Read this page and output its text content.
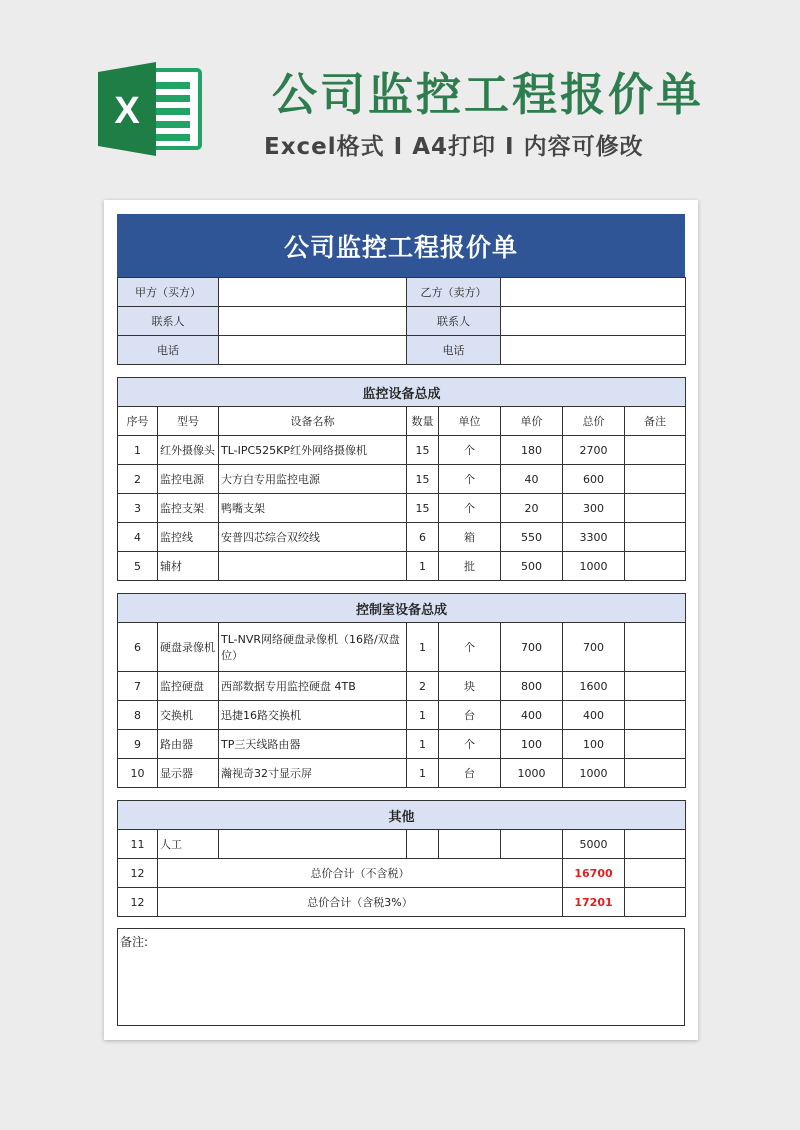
X	公司监控工程报价单
Excel格式 I A4打印 I 内容可修改
公司监控工程报价单
甲方（买方）		乙方（卖方）	
联系人		联系人	
电话		电话	
监控设备总成							
序号	型号	设备名称	数量	单位	单价	总价	备注
1	红外摄像头	TL-IPC525KP红外网络摄像机	15	个	180	2700	
2	监控电源	大方白专用监控电源	15	个	40	600	
3	监控支架	鸭嘴支架	15	个	20	300	
4	监控线	安普四芯综合双绞线	6	箱	550	3300	
5	辅材		1	批	500	1000	
控制室设备总成							
6	硬盘录像机	TL-NVR网络硬盘录像机（16路/双盘位）	1	个	700	700	
7	监控硬盘	西部数据专用监控硬盘 4TB	2	块	800	1600	
8	交换机	迅捷16路交换机	1	台	400	400	
9	路由器	TP三天线路由器	1	个	100	100	
10	显示器	瀚视奇32寸显示屏	1	台	1000	1000	
其他							
11	人工					5000	
12	总价合计（不含税）					16700	
12	总价合计（含税3%）					17201	
备注:
